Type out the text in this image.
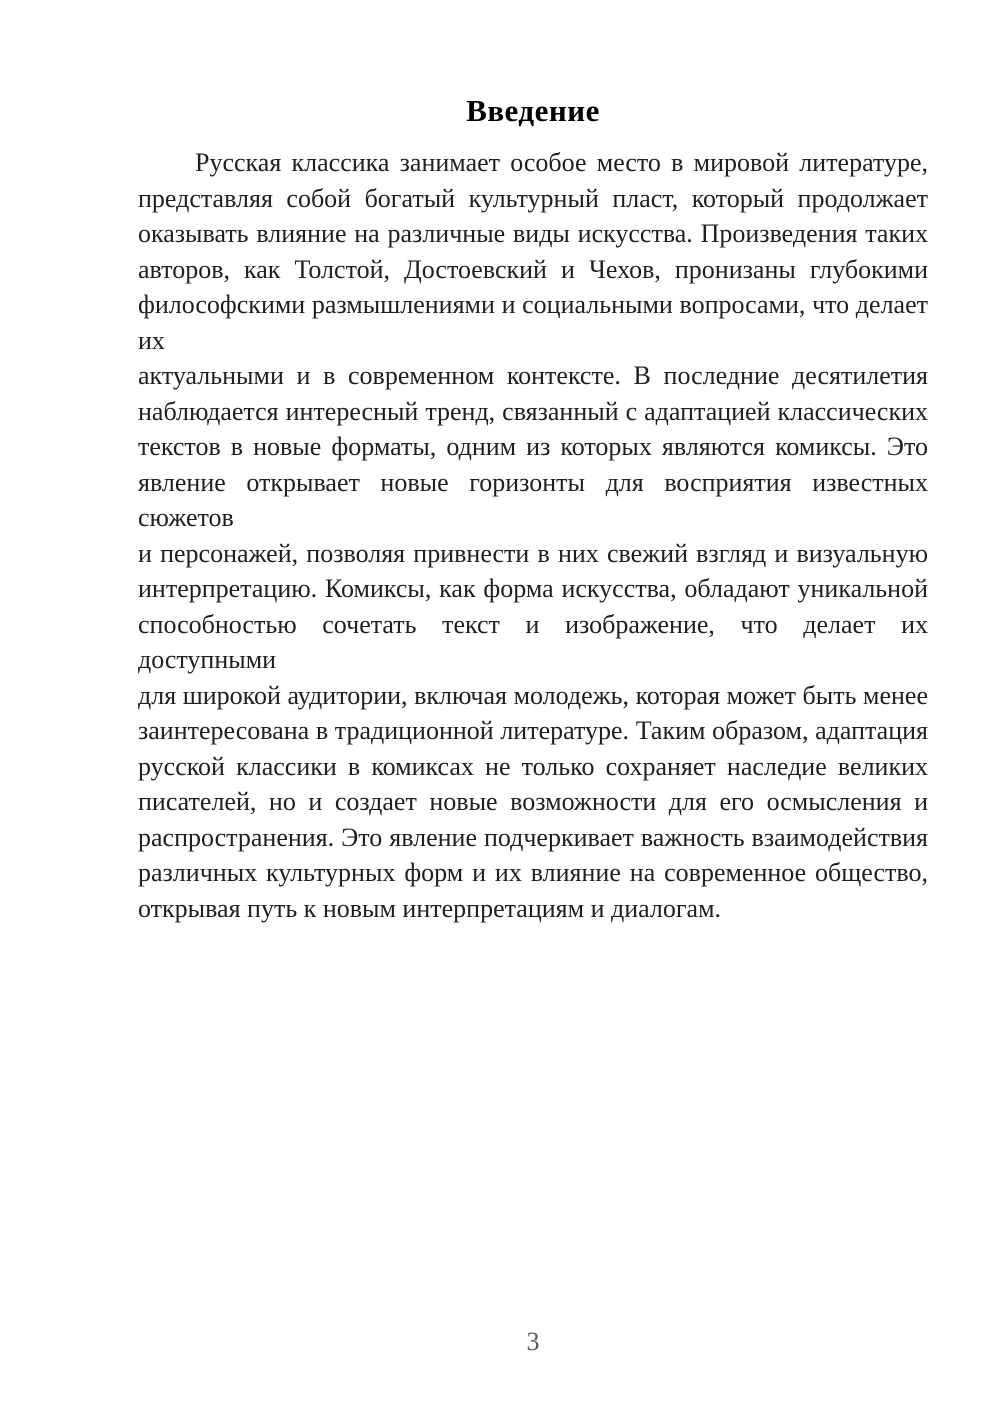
Введение
Русская классика занимает особое место в мировой литературе,
представляя собой богатый культурный пласт, который продолжает
оказывать влияние на различные виды искусства. Произведения таких
авторов, как Толстой, Достоевский и Чехов, пронизаны глубокими
философскими размышлениями и социальными вопросами, что делает их
актуальными и в современном контексте. В последние десятилетия
наблюдается интересный тренд, связанный с адаптацией классических
текстов в новые форматы, одним из которых являются комиксы. Это
явление открывает новые горизонты для восприятия известных сюжетов
и персонажей, позволяя привнести в них свежий взгляд и визуальную
интерпретацию. Комиксы, как форма искусства, обладают уникальной
способностью сочетать текст и изображение, что делает их доступными
для широкой аудитории, включая молодежь, которая может быть менее
заинтересована в традиционной литературе. Таким образом, адаптация
русской классики в комиксах не только сохраняет наследие великих
писателей, но и создает новые возможности для его осмысления и
распространения. Это явление подчеркивает важность взаимодействия
различных культурных форм и их влияние на современное общество,
открывая путь к новым интерпретациям и диалогам.
3
